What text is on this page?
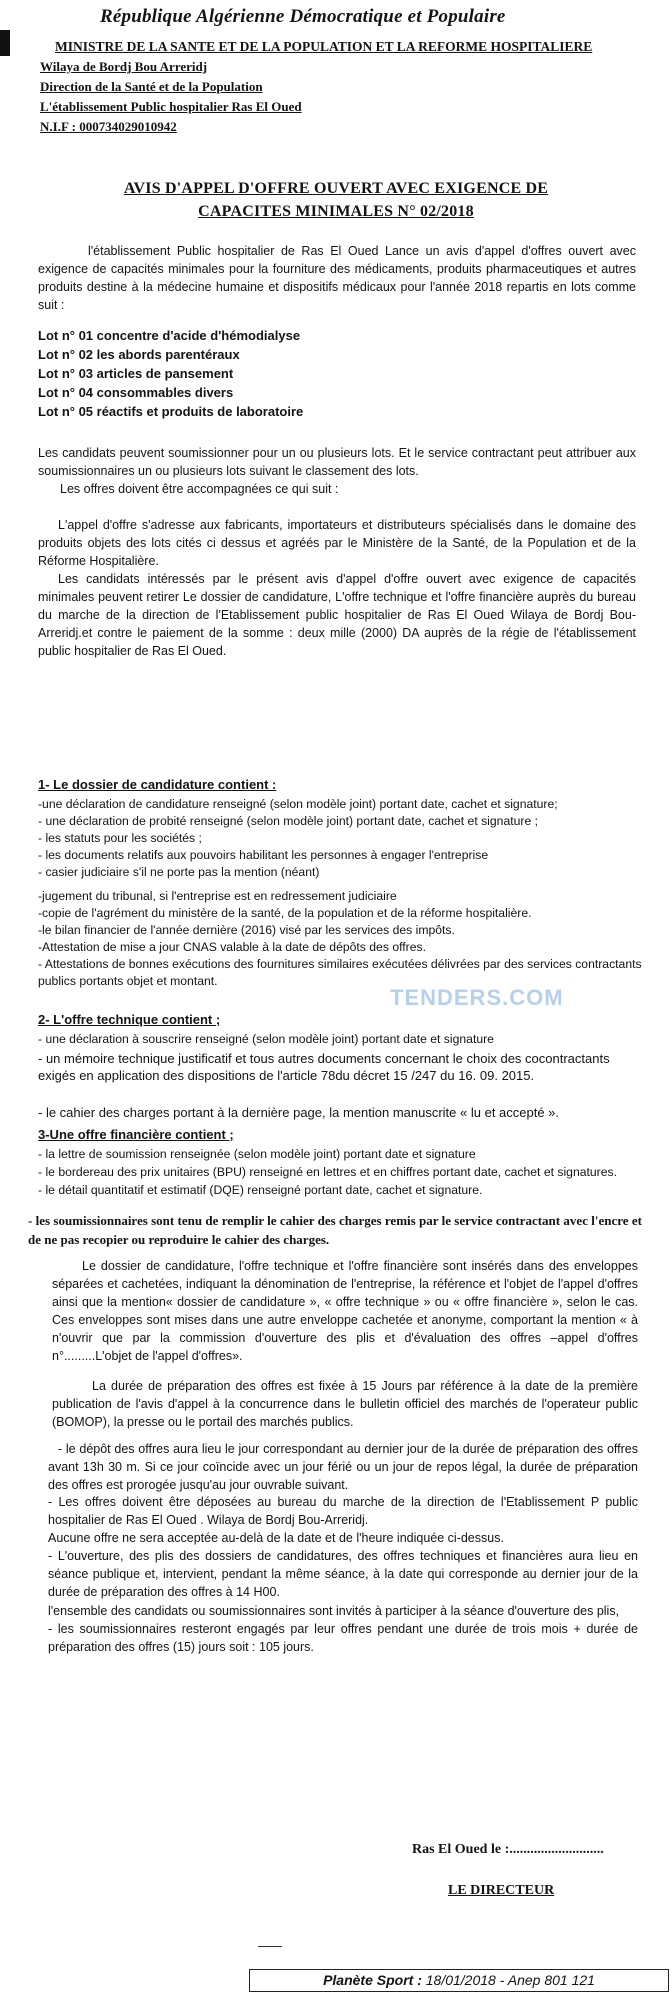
République Algérienne Démocratique et Populaire
MINISTRE DE LA SANTE ET DE LA POPULATION ET LA REFORME HOSPITALIERE
Wilaya de Bordj Bou Arreridj
Direction de la Santé et de la Population
L'établissement Public hospitalier Ras El Oued
N.I.F : 000734029010942
AVIS D'APPEL D'OFFRE OUVERT AVEC EXIGENCE DE
CAPACITES MINIMALES N° 02/2018
l'établissement Public hospitalier de Ras El Oued Lance un avis d'appel d'offres ouvert avec exigence de capacités minimales pour la fourniture des médicaments, produits pharmaceutiques et autres produits destine à la médecine humaine et dispositifs médicaux pour l'année 2018 repartis en lots comme suit :
Lot n° 01 concentre d'acide d'hémodialyse
Lot n° 02 les abords parentéraux
Lot n° 03 articles de pansement
Lot n° 04 consommables divers
Lot n° 05 réactifs et produits de laboratoire
Les candidats peuvent soumissionner pour un ou plusieurs lots. Et le service contractant peut attribuer aux soumissionnaires un ou plusieurs lots suivant le classement des lots.
Les offres doivent être accompagnées ce qui suit :
L'appel d'offre s'adresse aux fabricants, importateurs et distributeurs spécialisés dans le domaine des produits objets des lots cités ci dessus et agréés par le Ministère de la Santé, de la Population et de la Réforme Hospitalière.
Les candidats intéressés par le présent avis d'appel d'offre ouvert avec exigence de capacités minimales peuvent retirer Le dossier de candidature, L'offre technique et l'offre financière auprès du bureau du marche de la direction de l'Etablissement public hospitalier de Ras El Oued Wilaya de Bordj Bou-Arreridj.et contre le paiement de la somme : deux mille (2000) DA auprès de la régie de l'établissement public hospitalier de Ras El Oued.
1- Le dossier de candidature contient :
-une déclaration de candidature renseigné (selon modèle joint) portant date, cachet et signature;
- une déclaration de probité renseigné (selon modèle joint) portant date, cachet et signature ;
- les statuts pour les sociétés ;
- les documents relatifs aux pouvoirs habilitant les personnes à engager l'entreprise
- casier judiciaire s'il ne porte pas la mention (néant)
-jugement du tribunal, si l'entreprise est en redressement judiciaire
-copie de l'agrément du ministère de la santé, de la population et de la réforme hospitalière.
-le bilan financier de l'année dernière (2016) visé par les services des impôts.
-Attestation de mise a jour CNAS valable à la date de dépôts des offres.
- Attestations de bonnes exécutions des fournitures similaires exécutées délivrées par des services contractants publics portants objet et montant.
TENDERS.COM
2- L'offre technique contient ;
- une déclaration à souscrire renseigné (selon modèle joint) portant date et signature
- un mémoire technique justificatif et tous autres documents concernant le choix des cocontractants exigés en application des dispositions de l'article 78du décret 15 /247 du 16. 09. 2015.
- le cahier des charges portant à la dernière page, la mention manuscrite « lu et accepté ».
3-Une offre financière contient ;
- la lettre de soumission renseignée (selon modèle joint) portant date et signature
- le bordereau des prix unitaires (BPU) renseigné en lettres et en chiffres portant date, cachet et signatures.
- le détail quantitatif et estimatif (DQE) renseigné portant date, cachet et signature.
- les soumissionnaires sont tenu de remplir le cahier des charges remis par le service contractant avec l'encre et de ne pas recopier ou reproduire le cahier des charges.
Le dossier de candidature, l'offre technique et l'offre financière sont insérés dans des enveloppes séparées et cachetées, indiquant la dénomination de l'entreprise, la référence et l'objet de l'appel d'offres ainsi que la mention« dossier de candidature », « offre technique » ou « offre financière », selon le cas. Ces enveloppes sont mises dans une autre enveloppe cachetée et anonyme, comportant la mention « à n'ouvrir que par la commission d'ouverture des plis et d'évaluation des offres –appel d'offres n°.........L'objet de l'appel d'offres».
La durée de préparation des offres est fixée à 15 Jours par référence à la date de la première publication de l'avis d'appel à la concurrence dans le bulletin officiel des marchés de l'operateur public (BOMOP), la presse ou le portail des marchés publics.
- le dépôt des offres aura lieu le jour correspondant au dernier jour de la durée de préparation des offres avant 13h 30 m. Si ce jour coïncide avec un jour férié ou un jour de repos légal, la durée de préparation des offres est prorogée jusqu'au jour ouvrable suivant.
- Les offres doivent être déposées au bureau du marche de la direction de l'Etablissement P public hospitalier de Ras El Oued . Wilaya de Bordj Bou-Arreridj.
Aucune offre ne sera acceptée au-delà de la date et de l'heure indiquée ci-dessus.
- L'ouverture, des plis des dossiers de candidatures, des offres techniques et financières aura lieu en séance publique et, intervient, pendant la même séance, à la date qui corresponde au dernier jour de la durée de préparation des offres à 14 H00.
l'ensemble des candidats ou soumissionnaires sont invités à participer à la séance d'ouverture des plis,
- les soumissionnaires resteront engagés par leur offres pendant une durée de trois mois + durée de préparation des offres (15) jours soit : 105 jours.
Ras El Oued le :...........................
LE DIRECTEUR
Planète Sport : 18/01/2018 - Anep 801 121
